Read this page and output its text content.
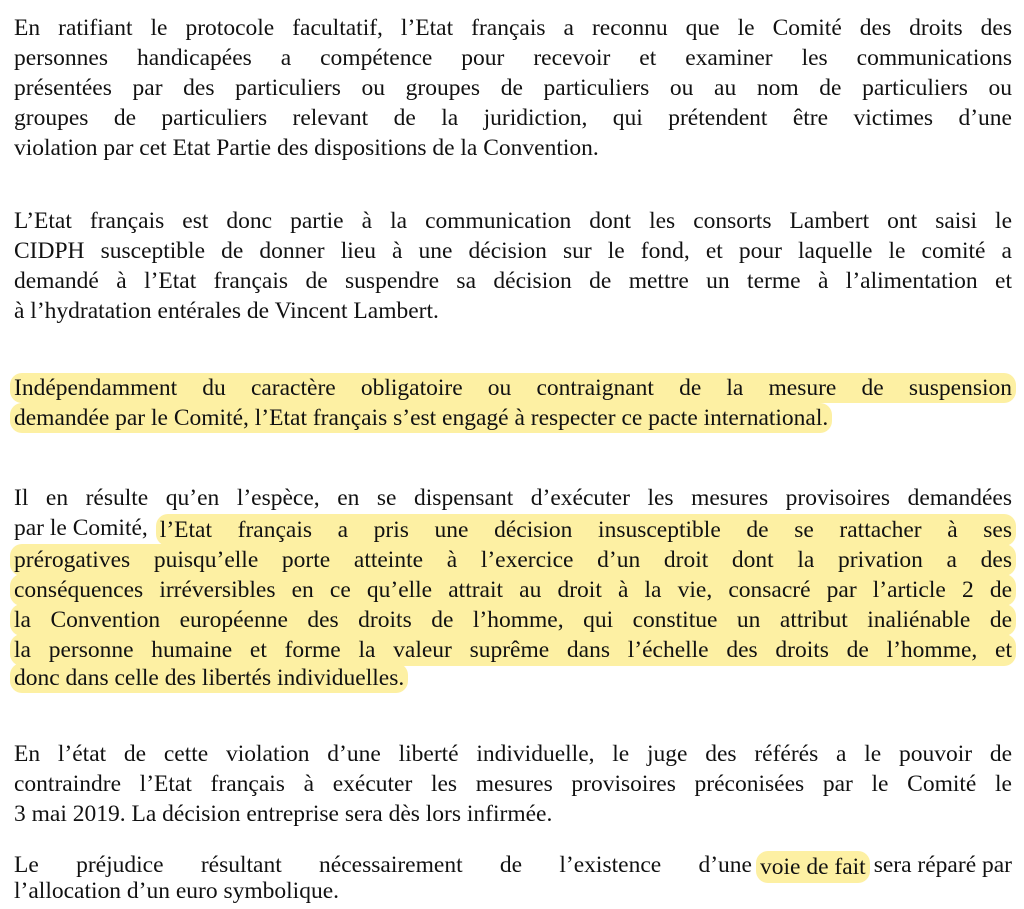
En ratifiant le protocole facultatif, l’Etat français a reconnu que le Comité des droits des
personnes handicapées a compétence pour recevoir et examiner les communications
présentées par des particuliers ou groupes de particuliers ou au nom de particuliers ou
groupes de particuliers relevant de la juridiction, qui prétendent être victimes d’une
violation par cet Etat Partie des dispositions de la Convention.
L’Etat français est donc partie à la communication dont les consorts Lambert ont saisi le
CIDPH susceptible de donner lieu à une décision sur le fond, et pour laquelle le comité a
demandé à l’Etat français de suspendre sa décision de mettre un terme à l’alimentation et
à l’hydratation entérales de Vincent Lambert.
Indépendamment du caractère obligatoire ou contraignant de la mesure de suspension
demandée par le Comité, l’Etat français s’est engagé à respecter ce pacte international.
Il en résulte qu’en l’espèce, en se dispensant d’exécuter les mesures provisoires demandées
par le Comité, l’Etat français a pris une décision insusceptible de se rattacher à ses
prérogatives puisqu’elle porte atteinte à l’exercice d’un droit dont la privation a des
conséquences irréversibles en ce qu’elle attrait au droit à la vie, consacré par l’article 2 de
la Convention européenne des droits de l’homme, qui constitue un attribut inaliénable de
la personne humaine et forme la valeur suprême dans l’échelle des droits de l’homme, et
donc dans celle des libertés individuelles.
En l’état de cette violation d’une liberté individuelle, le juge des référés a le pouvoir de
contraindre l’Etat français à exécuter les mesures provisoires préconisées par le Comité le
3 mai 2019. La décision entreprise sera dès lors infirmée.
Le préjudice résultant nécessairement de l’existence d’une voie de fait sera réparé par
l’allocation d’un euro symbolique.
